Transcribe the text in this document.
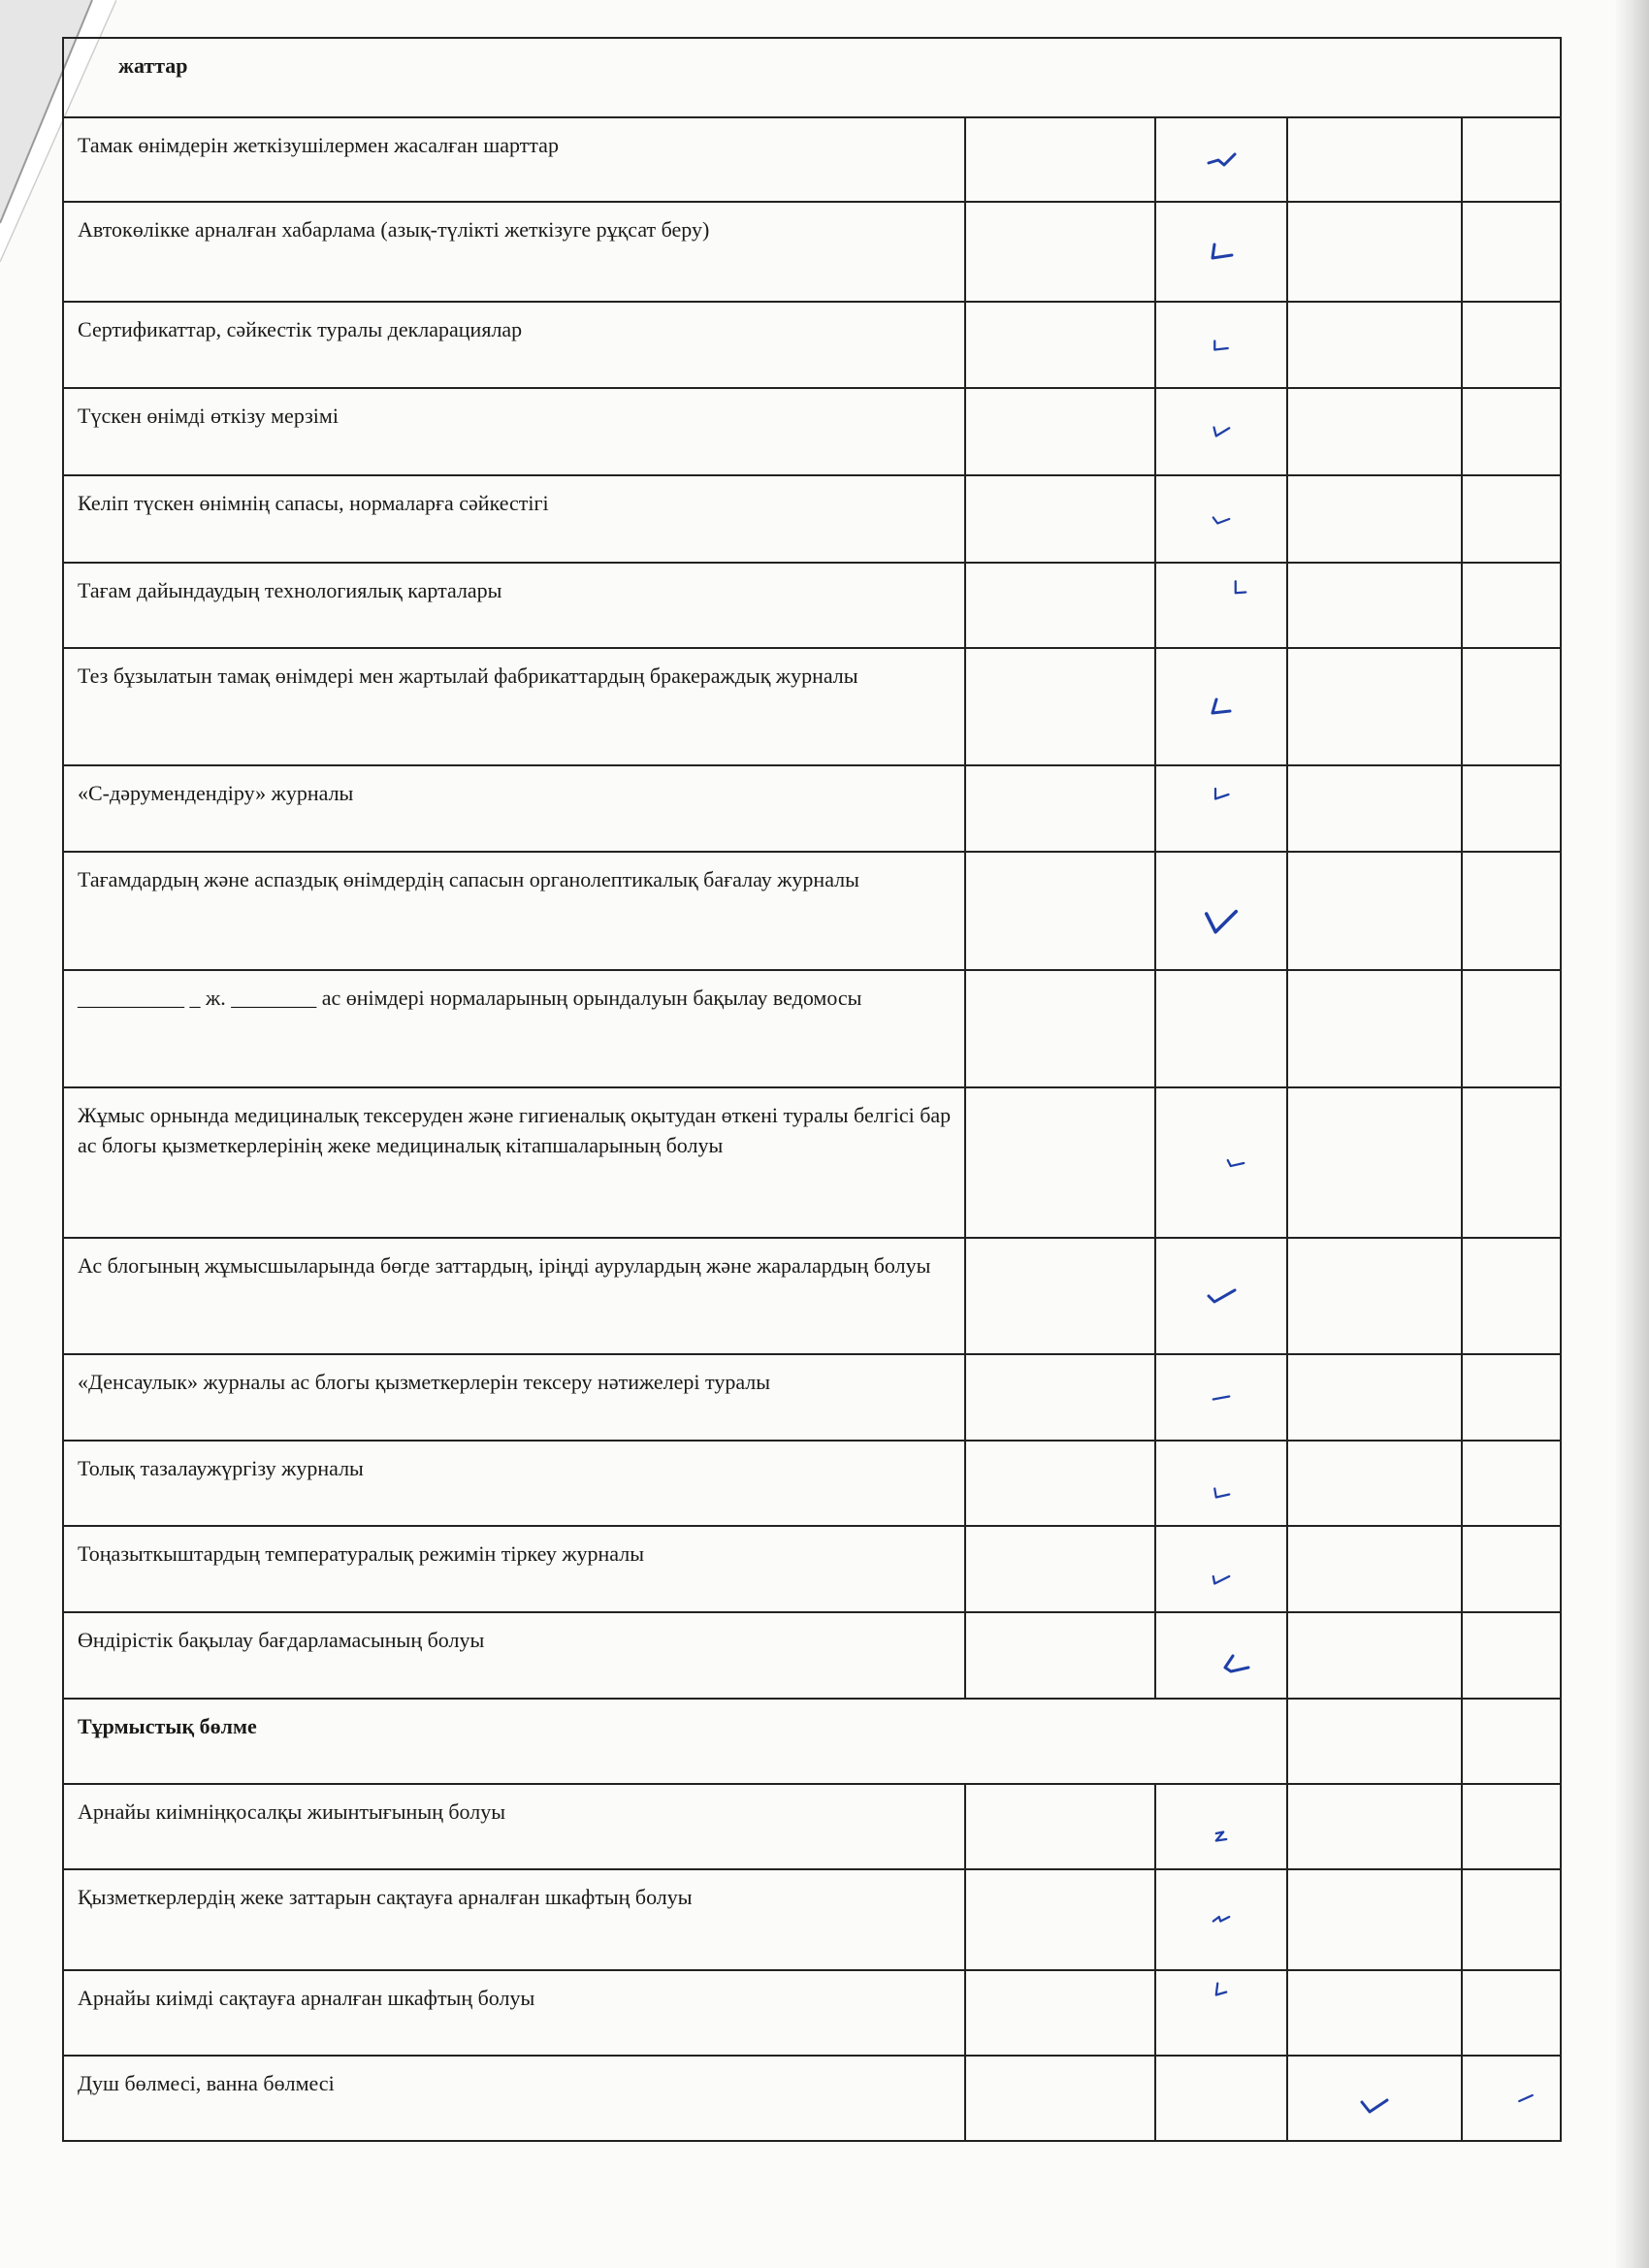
жаттар				
Тамак өнімдерін жеткізушілермен жасалған шарттар		

Автокөлікке арналған хабарлама (азық-түлікті жеткізуге рұқсат беру)		

Сертификаттар, сәйкестік туралы декларациялар		

Түскен өнімді өткізу мерзімі		

Келіп түскен өнімнің сапасы, нормаларға сәйкестігі		

Тағам дайындаудың технологиялық карталары		

Тез бұзылатын тамақ өнімдері мен жартылай фабрикаттардың бракераждық журналы		

«С-дәрумендендіру» журналы		

Тағамдардың және аспаздық өнімдердің сапасын органолептикалық бағалау журналы		

__________ _ ж. ________ ас өнімдері нормаларының орындалуын бақылау ведомосы				
Жұмыс орнында медициналық тексеруден және гигиеналық оқытудан өткені туралы белгісі бар ас блогы қызметкерлерінің жеке медициналық кітапшаларының болуы		

Ас блогының жұмысшыларында бөгде заттардың, іріңді аурулардың және жаралардың болуы		

«Денсаулык» журналы ас блогы қызметкерлерін тексеру нәтижелері туралы		

Толық тазалаужүргізу журналы		

Тоңазыткыштардың температуралық режимін тіркеу журналы		

Өндірістік бақылау бағдарламасының болуы		

Тұрмыстық бөлме				
Арнайы киімніңқосалқы жиынтығының болуы		

Қызметкерлердің жеке заттарын сақтауға арналған шкафтың болуы		

Арнайы киімді сақтауға арналған шкафтың болуы		

Душ бөлмесі, ванна бөлмесі			
